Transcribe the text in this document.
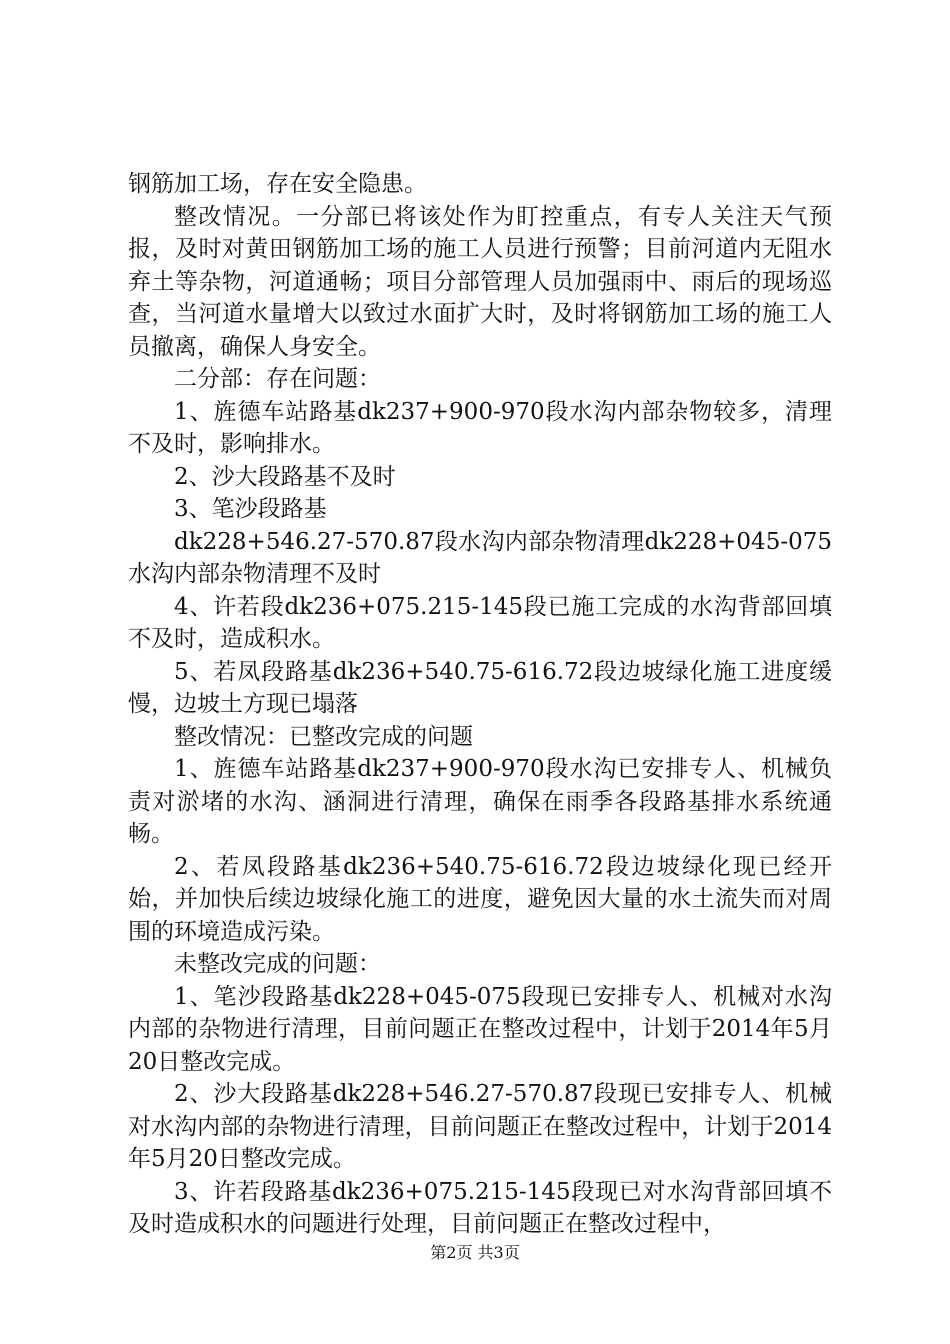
钢筋加工场，存在安全隐患。

整改情况。一分部已将该处作为盯控重点，有专人关注天气预报，及时对黄田钢筋加工场的施工人员进行预警；目前河道内无阻水弃土等杂物，河道通畅；项目分部管理人员加强雨中、雨后的现场巡查，当河道水量增大以致过水面扩大时，及时将钢筋加工场的施工人员撤离，确保人身安全。

二分部：存在问题：

1、旌德车站路基dk237+900-970段水沟内部杂物较多，清理不及时，影响排水。

2、沙大段路基不及时

3、笔沙段路基

dk228+546.27-570.87段水沟内部杂物清理dk228+045-075水沟内部杂物清理不及时

4、许若段dk236+075.215-145段已施工完成的水沟背部回填不及时，造成积水。

5、若凤段路基dk236+540.75-616.72段边坡绿化施工进度缓慢，边坡土方现已塌落

整改情况：已整改完成的问题

1、旌德车站路基dk237+900-970段水沟已安排专人、机械负责对淤堵的水沟、涵洞进行清理，确保在雨季各段路基排水系统通畅。

2、若凤段路基dk236+540.75-616.72段边坡绿化现已经开始，并加快后续边坡绿化施工的进度，避免因大量的水土流失而对周围的环境造成污染。

未整改完成的问题：

1、笔沙段路基dk228+045-075段现已安排专人、机械对水沟内部的杂物进行清理，目前问题正在整改过程中，计划于2014年5月20日整改完成。

2、沙大段路基dk228+546.27-570.87段现已安排专人、机械对水沟内部的杂物进行清理，目前问题正在整改过程中，计划于2014年5月20日整改完成。

3、许若段路基dk236+075.215-145段现已对水沟背部回填不及时造成积水的问题进行处理，目前问题正在整改过程中，

第2页 共3页
